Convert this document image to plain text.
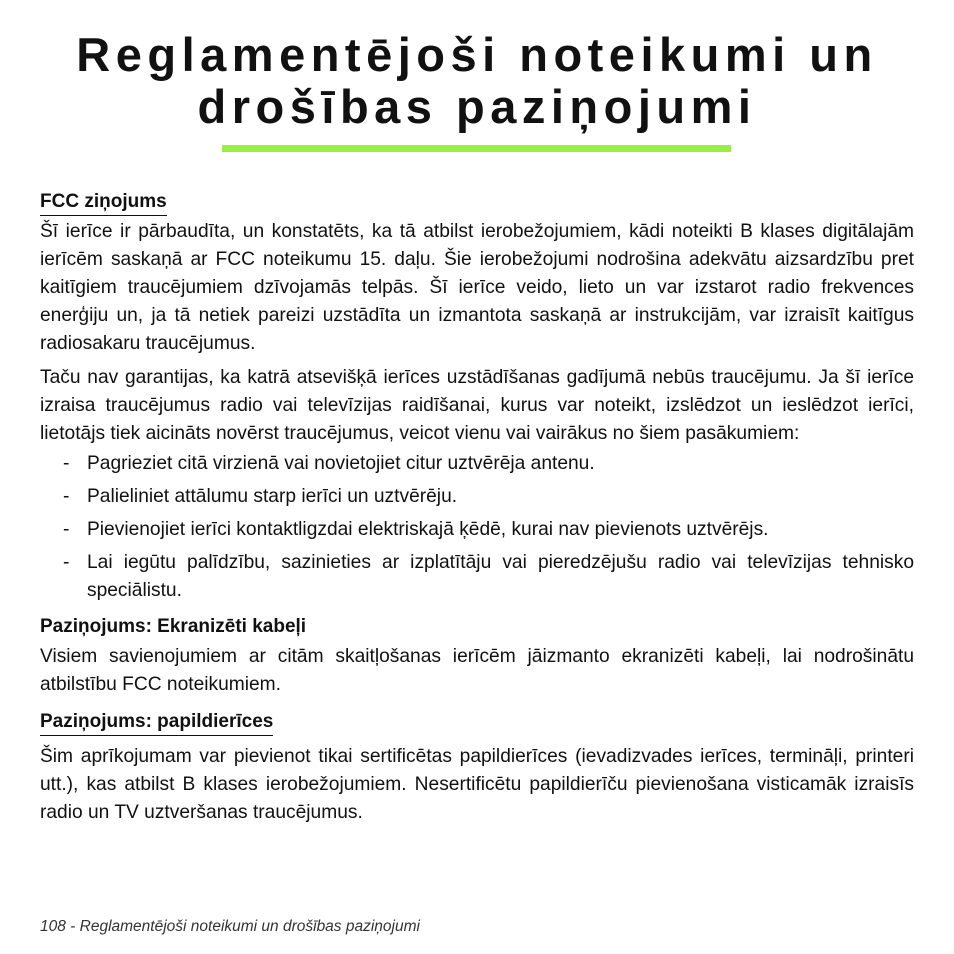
Reglamentējoši noteikumi un
drošības paziņojumi
FCC ziņojums

Šī ierīce ir pārbaudīta, un konstatēts, ka tā atbilst ierobežojumiem, kādi noteikti B klases digitālajām ierīcēm saskaņā ar FCC noteikumu 15. daļu. Šie ierobežojumi nodrošina adekvātu aizsardzību pret kaitīgiem traucējumiem dzīvojamās telpās. Šī ierīce veido, lieto un var izstarot radio frekvences enerģiju un, ja tā netiek pareizi uzstādīta un izmantota saskaņā ar instrukcijām, var izraisīt kaitīgus radiosakaru traucējumus.

Taču nav garantijas, ka katrā atsevišķā ierīces uzstādīšanas gadījumā nebūs traucējumu. Ja šī ierīce izraisa traucējumus radio vai televīzijas raidīšanai, kurus var noteikt, izslēdzot un ieslēdzot ierīci, lietotājs tiek aicināts novērst traucējumus, veicot vienu vai vairākus no šiem pasākumiem:

- Pagrieziet citā virzienā vai novietojiet citur uztvērēja antenu.
- Palieliniet attālumu starp ierīci un uztvērēju.
- Pievienojiet ierīci kontaktligzdai elektriskajā ķēdē, kurai nav pievienots uztvērējs.
- Lai iegūtu palīdzību, sazinieties ar izplatītāju vai pieredzējušu radio vai televīzijas tehnisko speciālistu.
Paziņojums: Ekranizēti kabeļi

Visiem savienojumiem ar citām skaitļošanas ierīcēm jāizmanto ekranizēti kabeļi, lai nodrošinātu atbilstību FCC noteikumiem.

Paziņojums: papildierīces

Šim aprīkojumam var pievienot tikai sertificētas papildierīces (ievadizvades ierīces, termināļi, printeri utt.), kas atbilst B klases ierobežojumiem. Nesertificētu papildierīču pievienošana visticamāk izraisīs radio un TV uztveršanas traucējumus.

108 - Reglamentējoši noteikumi un drošības paziņojumi
